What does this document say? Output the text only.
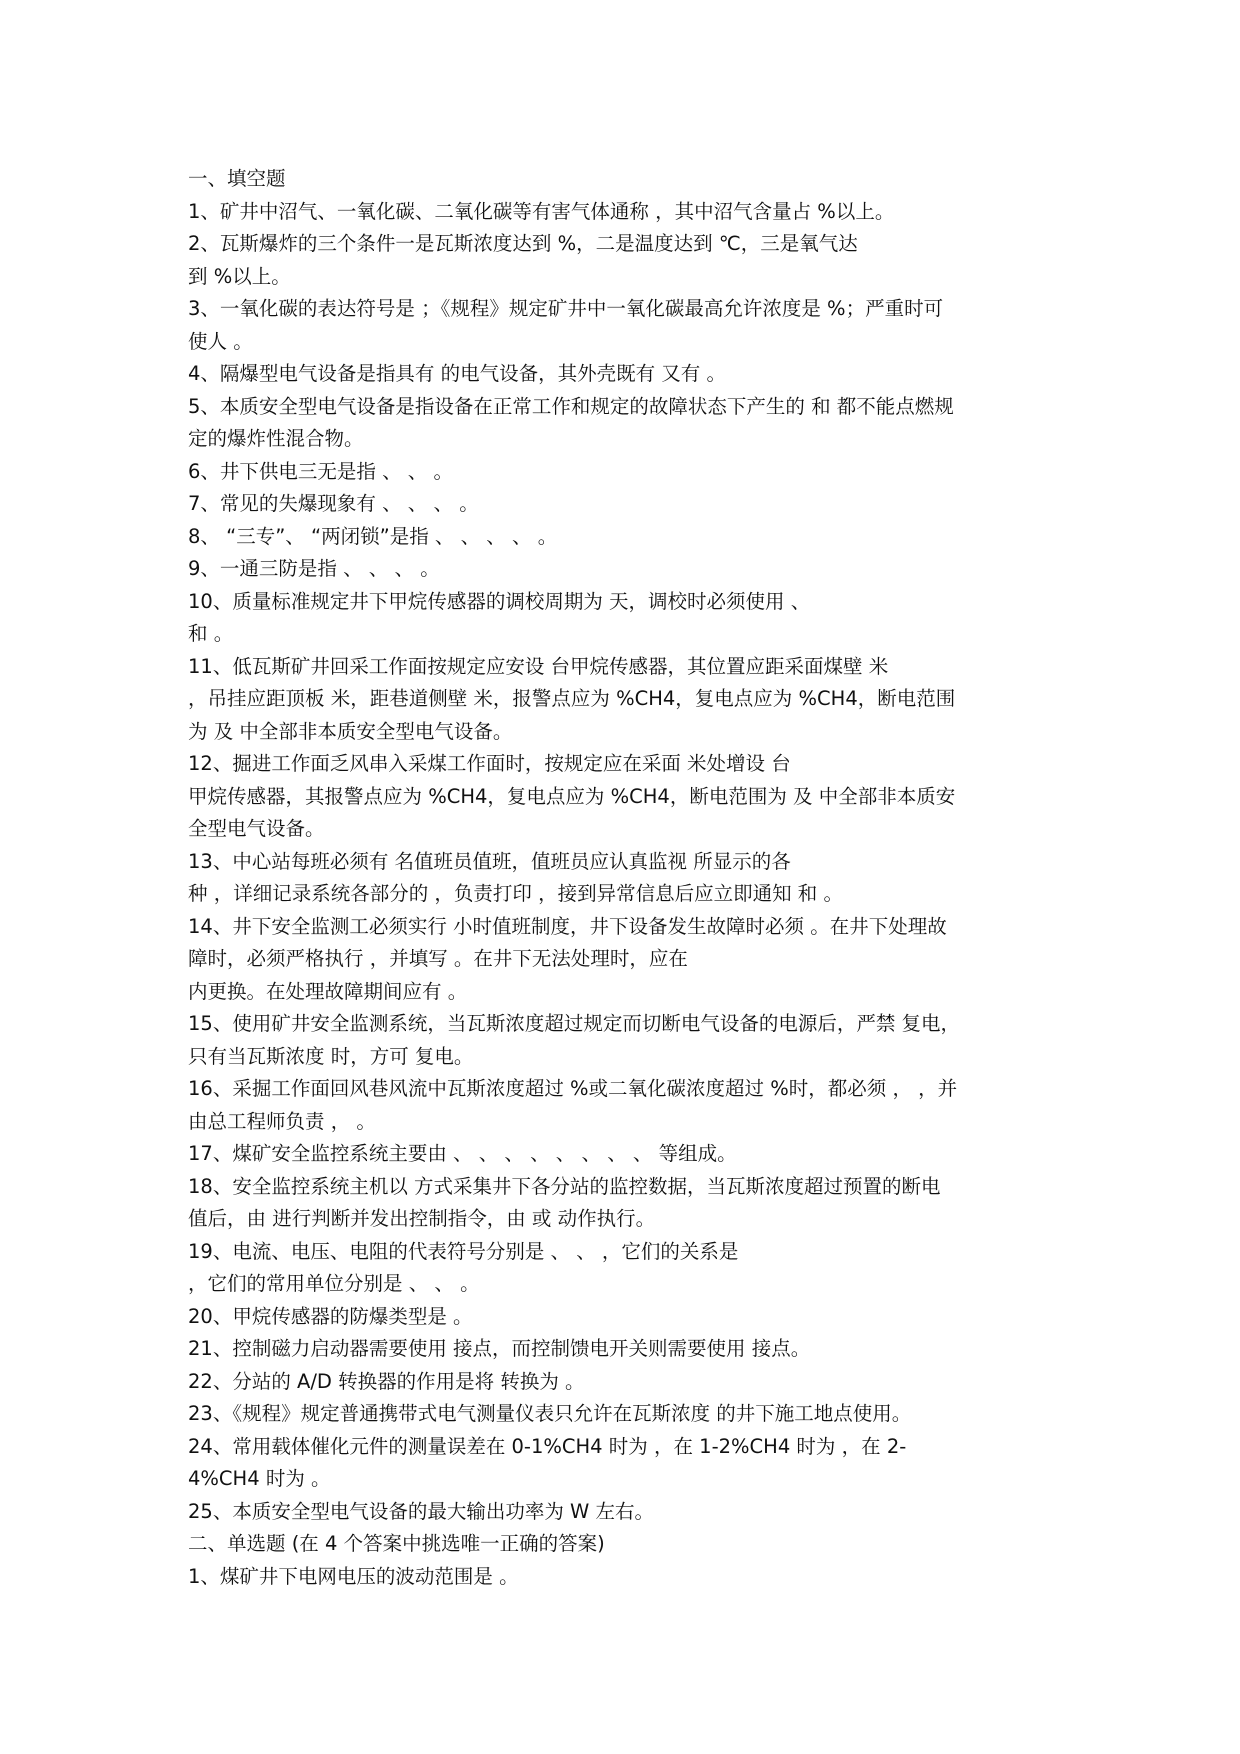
一、填空题
1、矿井中沼气、一氧化碳、二氧化碳等有害气体通称 ，其中沼气含量占 %以上。
2、瓦斯爆炸的三个条件一是瓦斯浓度达到 %，二是温度达到 ℃，三是氧气达
到 %以上。
3、一氧化碳的表达符号是 ；《规程》规定矿井中一氧化碳最高允许浓度是 %；严重时可
使人 。
4、隔爆型电气设备是指具有 的电气设备，其外壳既有 又有 。
5、本质安全型电气设备是指设备在正常工作和规定的故障状态下产生的 和 都不能点燃规
定的爆炸性混合物。
6、井下供电三无是指 、 、 。
7、常见的失爆现象有 、 、 、 。
8、 “三专”、 “两闭锁”是指 、 、 、 、 。
9、一通三防是指 、 、 、 。
10、质量标准规定井下甲烷传感器的调校周期为 天，调校时必须使用 、
和 。
11、低瓦斯矿井回采工作面按规定应安设 台甲烷传感器，其位置应距采面煤壁 米
，吊挂应距顶板 米，距巷道侧壁 米，报警点应为 %CH4，复电点应为 %CH4，断电范围
为 及 中全部非本质安全型电气设备。
12、掘进工作面乏风串入采煤工作面时，按规定应在采面 米处增设 台
甲烷传感器，其报警点应为 %CH4，复电点应为 %CH4，断电范围为 及 中全部非本质安
全型电气设备。
13、中心站每班必须有 名值班员值班，值班员应认真监视 所显示的各
种 ，详细记录系统各部分的 ，负责打印 ，接到异常信息后应立即通知 和 。
14、井下安全监测工必须实行 小时值班制度，井下设备发生故障时必须 。在井下处理故
障时，必须严格执行 ，并填写 。在井下无法处理时，应在
内更换。在处理故障期间应有 。
15、使用矿井安全监测系统，当瓦斯浓度超过规定而切断电气设备的电源后，严禁 复电，
只有当瓦斯浓度 时，方可 复电。
16、采掘工作面回风巷风流中瓦斯浓度超过 %或二氧化碳浓度超过 %时，都必须 ， ，并
由总工程师负责 ， 。
17、煤矿安全监控系统主要由 、 、 、 、 、 、 、 、 等组成。
18、安全监控系统主机以 方式采集井下各分站的监控数据，当瓦斯浓度超过预置的断电
值后，由 进行判断并发出控制指令，由 或 动作执行。
19、电流、电压、电阻的代表符号分别是 、 、 ，它们的关系是
，它们的常用单位分别是 、 、 。
20、甲烷传感器的防爆类型是 。
21、控制磁力启动器需要使用 接点，而控制馈电开关则需要使用 接点。
22、分站的 A/D 转换器的作用是将 转换为 。
23、《规程》规定普通携带式电气测量仪表只允许在瓦斯浓度 的井下施工地点使用。
24、常用载体催化元件的测量误差在 0-1%CH4 时为 ，在 1-2%CH4 时为 ，在 2-
4%CH4 时为 。
25、本质安全型电气设备的最大输出功率为 W 左右。
二、单选题 (在 4 个答案中挑选唯一正确的答案)
1、煤矿井下电网电压的波动范围是 。
